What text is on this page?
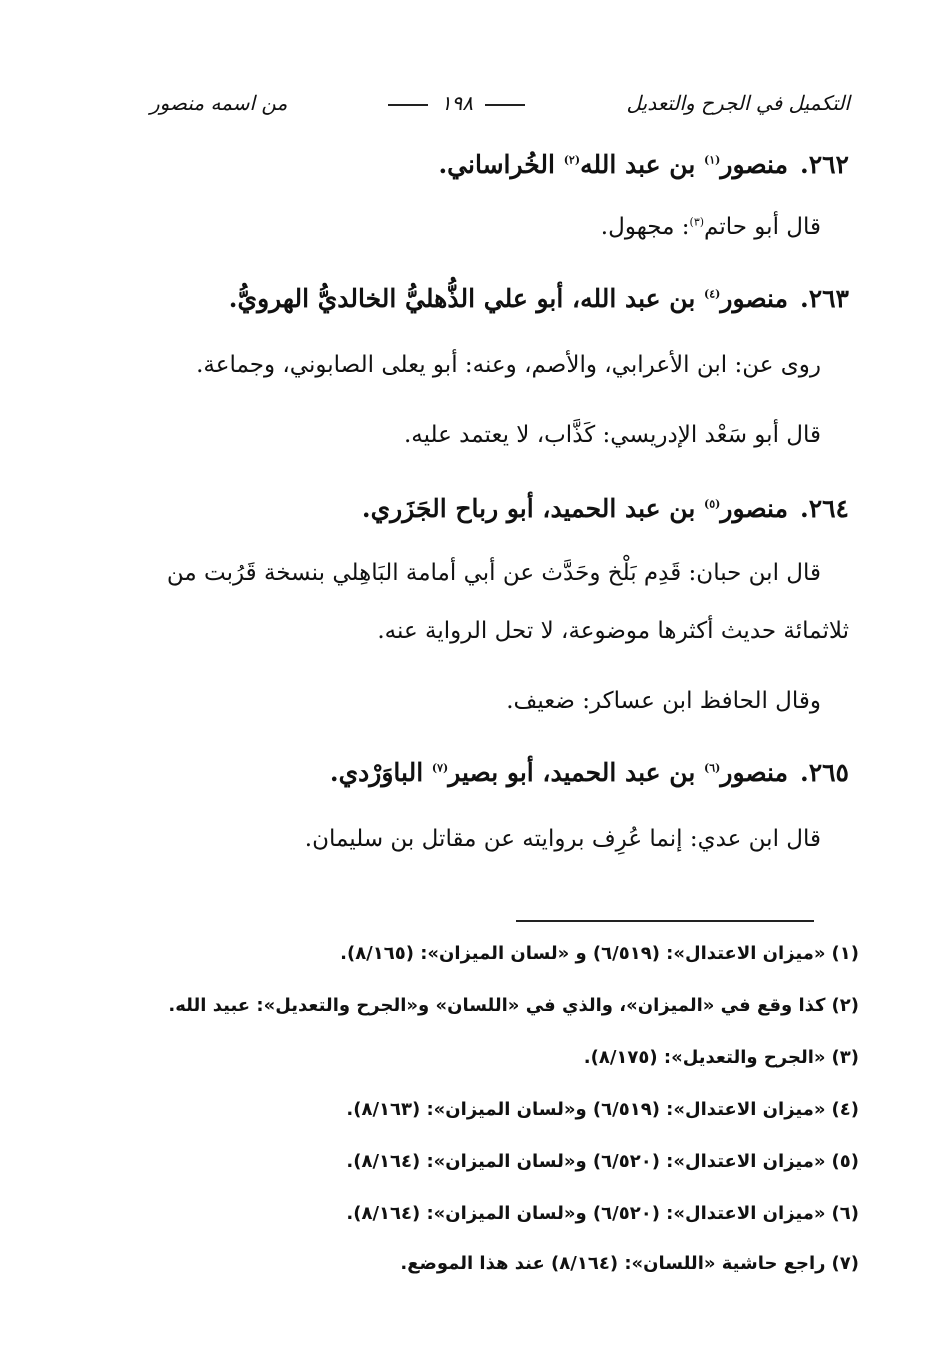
التكميل في الجرح والتعديل
١٩٨
من اسمه منصور
٢٦٢.منصور$^{(١)}$ بن عبد الله$^{(٢)}$ الخُراساني.
قال أبو حاتم$^{(٣)}$: مجهول.
٢٦٣.منصور$^{(٤)}$ بن عبد الله، أبو علي الذُّهليُّ الخالديُّ الهرويُّ.
روى عن: ابن الأعرابي، والأصم، وعنه: أبو يعلى الصابوني، وجماعة.
قال أبو سَعْد الإدريسي: كَذَّاب، لا يعتمد عليه.
٢٦٤.منصور$^{(٥)}$ بن عبد الحميد، أبو رباح الجَزَري.
قال ابن حبان: قَدِم بَلْخ وحَدَّث عن أبي أمامة البَاهِلي بنسخة قَرُبت من
ثلاثمائة حديث أكثرها موضوعة، لا تحل الرواية عنه.
وقال الحافظ ابن عساكر: ضعيف.
٢٦٥.منصور$^{(٦)}$ بن عبد الحميد، أبو بصير$^{(٧)}$ الباوَرْدي.
قال ابن عدي: إنما عُرِف بروايته عن مقاتل بن سليمان.
(١)«ميزان الاعتدال»: (٦/٥١٩) و «لسان الميزان»: (٨/١٦٥).
(٢)كذا وقع في «الميزان»، والذي في «اللسان» و«الجرح والتعديل»: عبيد الله.
(٣)«الجرح والتعديل»: (٨/١٧٥).
(٤)«ميزان الاعتدال»: (٦/٥١٩) و«لسان الميزان»: (٨/١٦٣).
(٥)«ميزان الاعتدال»: (٦/٥٢٠) و«لسان الميزان»: (٨/١٦٤).
(٦)«ميزان الاعتدال»: (٦/٥٢٠) و«لسان الميزان»: (٨/١٦٤).
(٧)راجع حاشية «اللسان»: (٨/١٦٤) عند هذا الموضع.
